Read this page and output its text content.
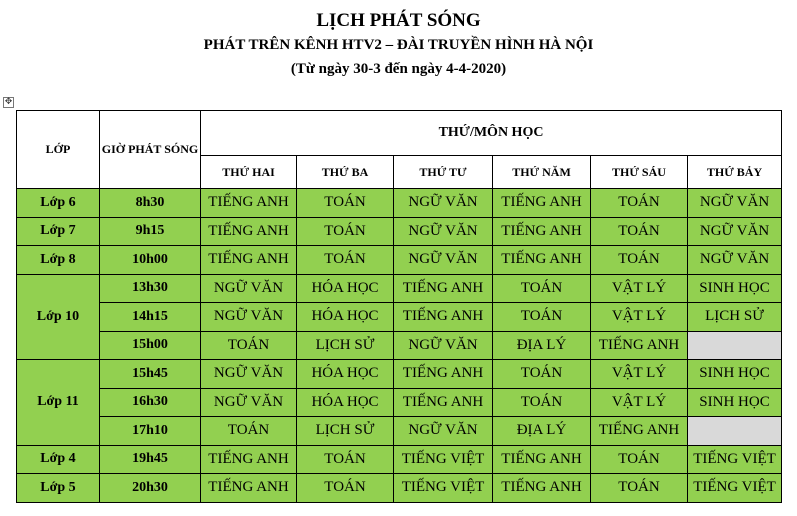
LỊCH PHÁT SÓNG
PHÁT TRÊN KÊNH HTV2 – ĐÀI TRUYỀN HÌNH HÀ NỘI
(Từ ngày 30-3 đến ngày 4-4-2020)
✥
LỚP	GIỜ PHÁT SÓNG	THỨ/MÔN HỌC					
		THỨ HAI	THỨ BA	THỨ TƯ	THỨ NĂM	THỨ SÁU	THỨ BẢY
Lớp 6	8h30	TIẾNG ANH	TOÁN	NGỮ VĂN	TIẾNG ANH	TOÁN	NGỮ VĂN
Lớp 7	9h15	TIẾNG ANH	TOÁN	NGỮ VĂN	TIẾNG ANH	TOÁN	NGỮ VĂN
Lớp 8	10h00	TIẾNG ANH	TOÁN	NGỮ VĂN	TIẾNG ANH	TOÁN	NGỮ VĂN
Lớp 10	13h30	NGỮ VĂN	HÓA HỌC	TIẾNG ANH	TOÁN	VẬT LÝ	SINH HỌC
	14h15	NGỮ VĂN	HÓA HỌC	TIẾNG ANH	TOÁN	VẬT LÝ	LỊCH SỬ
	15h00	TOÁN	LỊCH SỬ	NGỮ VĂN	ĐỊA LÝ	TIẾNG ANH	
Lớp 11	15h45	NGỮ VĂN	HÓA HỌC	TIẾNG ANH	TOÁN	VẬT LÝ	SINH HỌC
	16h30	NGỮ VĂN	HÓA HỌC	TIẾNG ANH	TOÁN	VẬT LÝ	SINH HỌC
	17h10	TOÁN	LỊCH SỬ	NGỮ VĂN	ĐỊA LÝ	TIẾNG ANH	
Lớp 4	19h45	TIẾNG ANH	TOÁN	TIẾNG VIỆT	TIẾNG ANH	TOÁN	TIẾNG VIỆT
Lớp 5	20h30	TIẾNG ANH	TOÁN	TIẾNG VIỆT	TIẾNG ANH	TOÁN	TIẾNG VIỆT
